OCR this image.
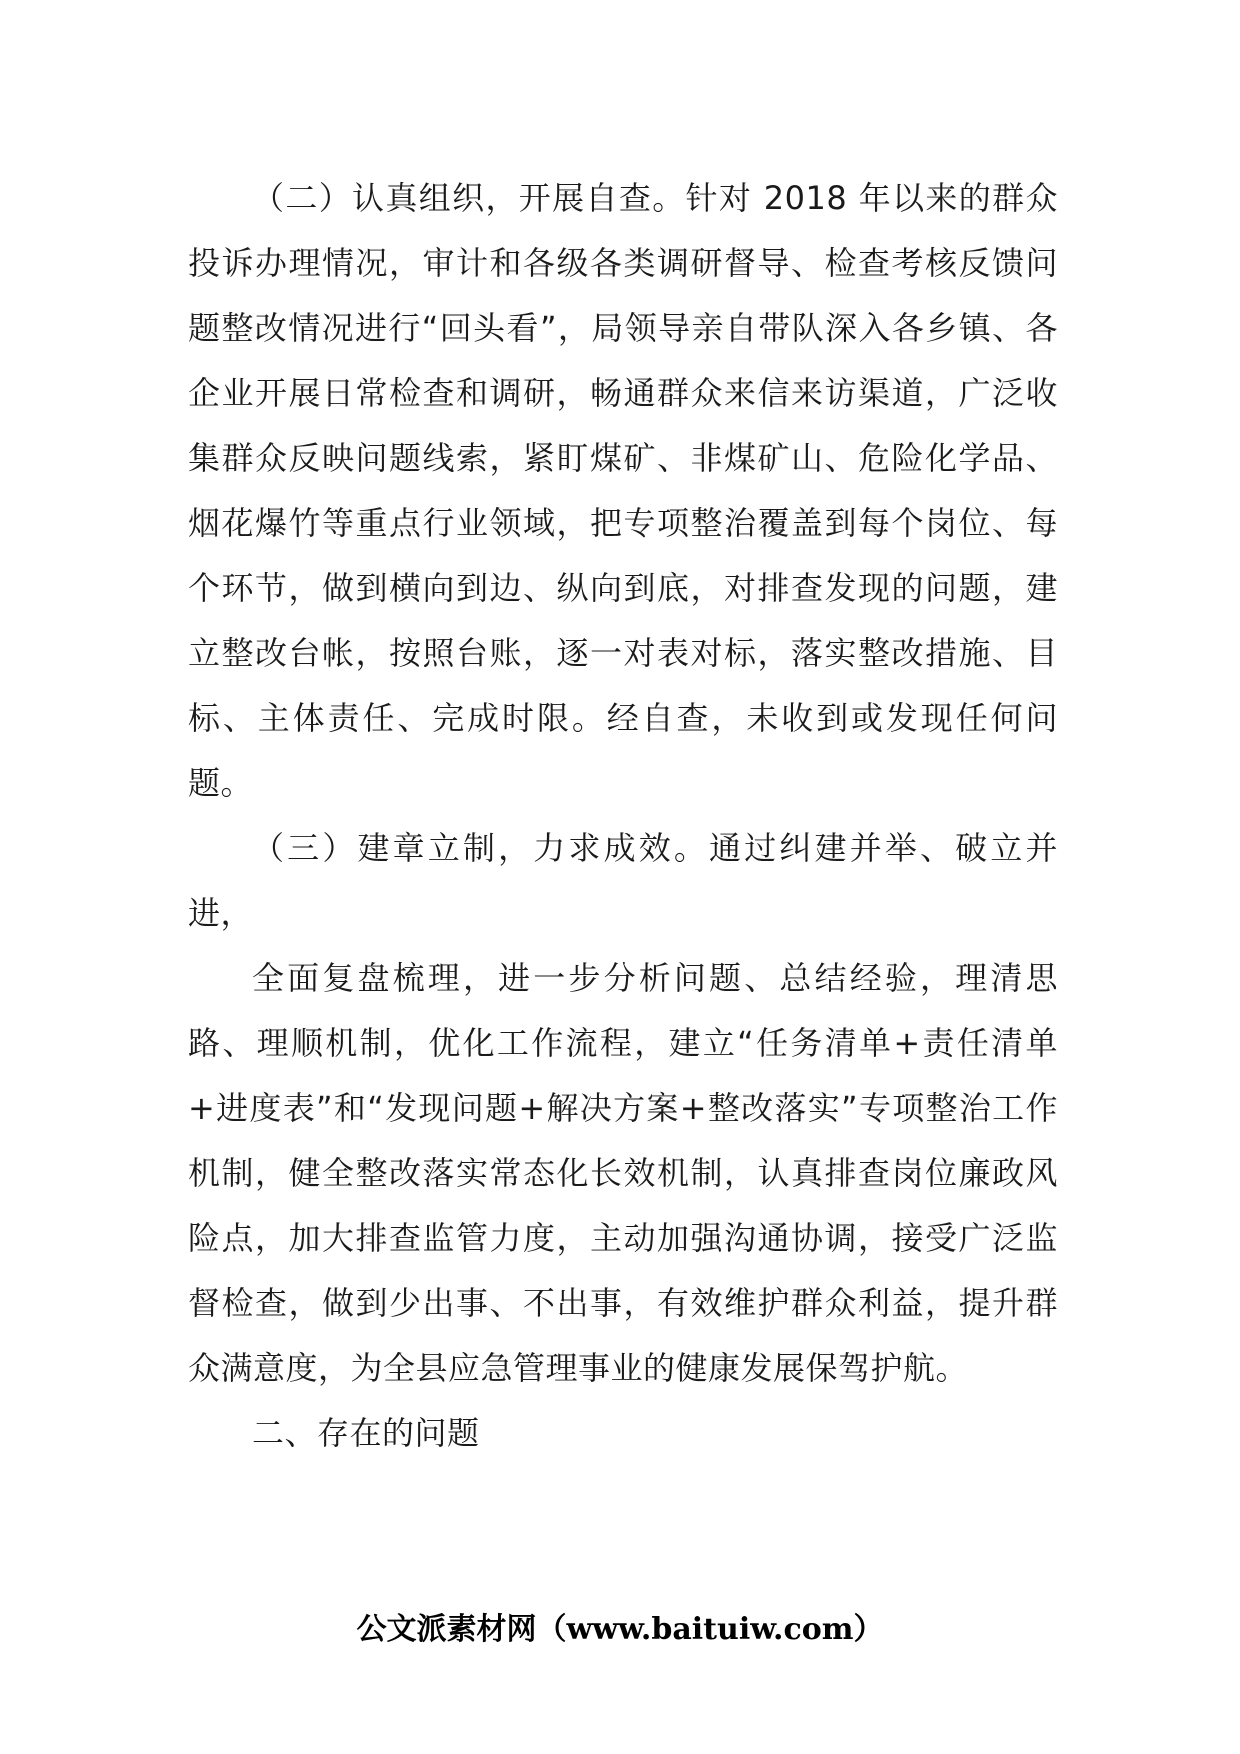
（二）认真组织，开展自查。针对 2018 年以来的群众投诉办理情况，审计和各级各类调研督导、检查考核反馈问题整改情况进行“回头看”，局领导亲自带队深入各乡镇、各企业开展日常检查和调研，畅通群众来信来访渠道，广泛收集群众反映问题线索，紧盯煤矿、非煤矿山、危险化学品、烟花爆竹等重点行业领域，把专项整治覆盖到每个岗位、每个环节，做到横向到边、纵向到底，对排查发现的问题，建立整改台帐，按照台账，逐一对表对标，落实整改措施、目标、主体责任、完成时限。经自查，未收到或发现任何问题。

（三）建章立制，力求成效。通过纠建并举、破立并进，

全面复盘梳理，进一步分析问题、总结经验，理清思路、理顺机制，优化工作流程，建立“任务清单+责任清单+进度表”和“发现问题+解决方案+整改落实”专项整治工作机制，健全整改落实常态化长效机制，认真排查岗位廉政风险点，加大排查监管力度，主动加强沟通协调，接受广泛监督检查，做到少出事、不出事，有效维护群众利益，提升群众满意度，为全县应急管理事业的健康发展保驾护航。

二、存在的问题

公文派素材网（www.baituiw.com）
